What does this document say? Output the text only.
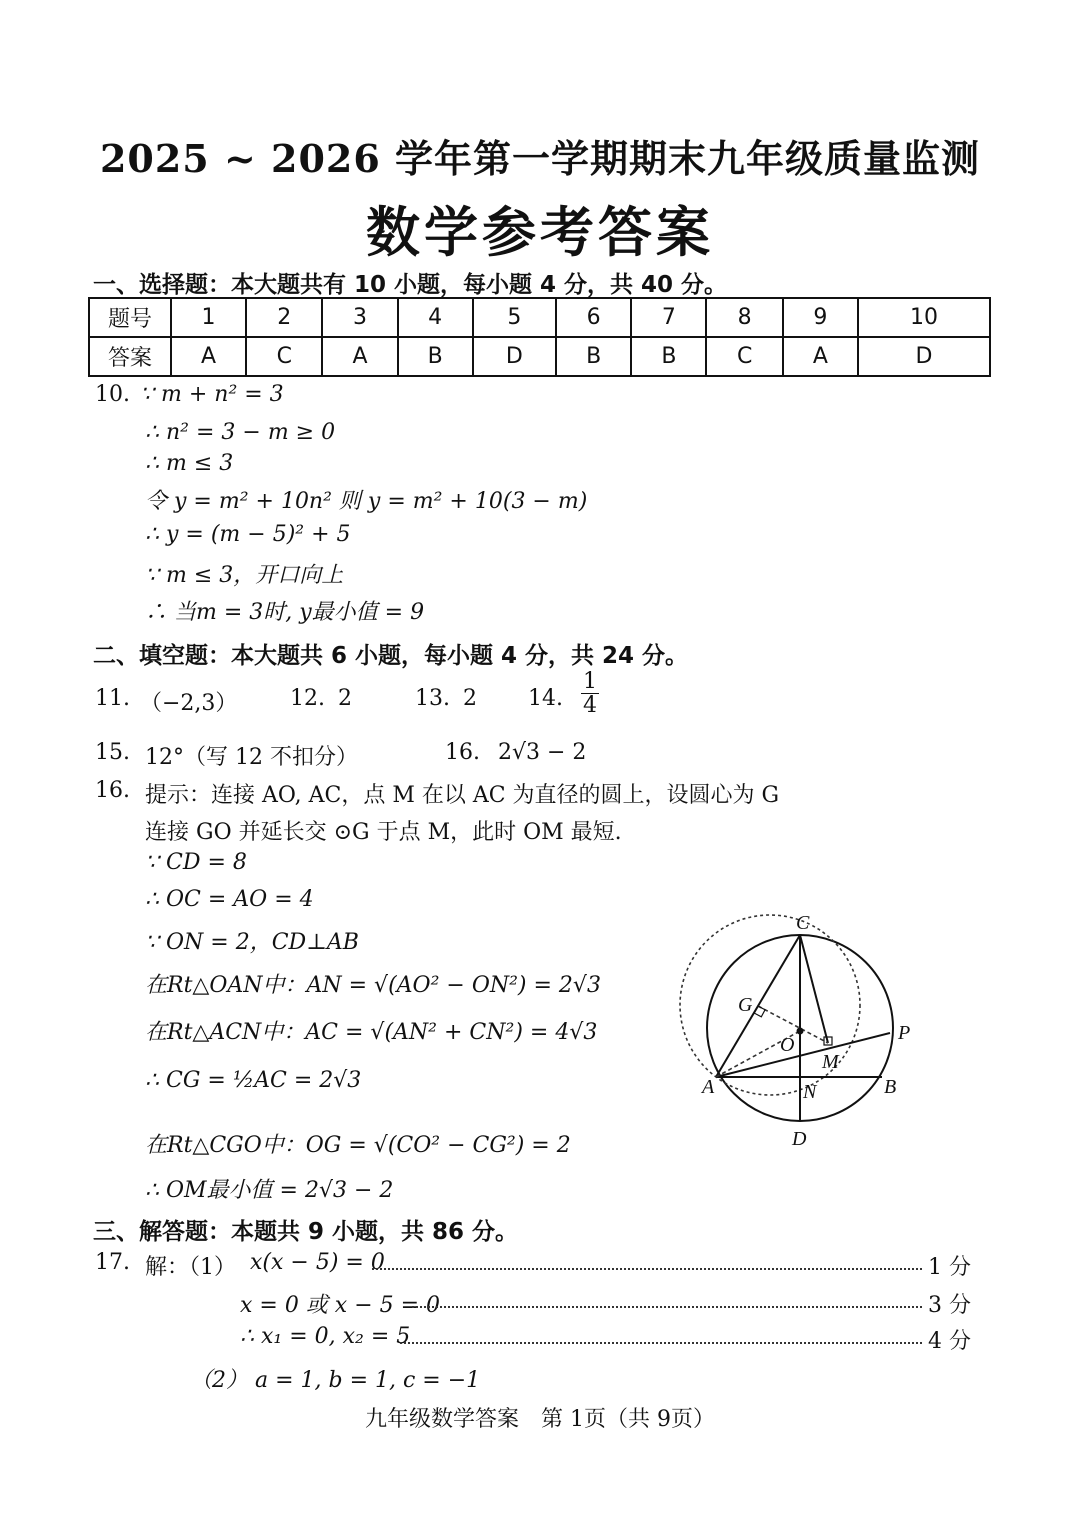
2025 ~ 2026 学年第一学期期末九年级质量监测
数学参考答案
一、选择题：本大题共有 10 小题，每小题 4 分，共 40 分。
题号	1	2	3	4	5	6	7	8	9	10
答案	A	C	A	B	D	B	B	C	A	D
10. ∵ m + n² = 3
∴ n² = 3 − m ≥ 0
∴ m ≤ 3
令 y = m² + 10n² 则 y = m² + 10(3 − m)
∴ y = (m − 5)² + 5
∵ m ≤ 3，开口向上
∴ 当m = 3时, y最小值 = 9
二、填空题：本大题共 6 小题，每小题 4 分，共 24 分。
11. （−2,3） 12. 2	13. 2 14. $\frac{1}{4}$
15. 12°（写 12 不扣分）	16. 2√3 − 2
16. 提示：连接 AO, AC，点 M 在以 AC 为直径的圆上，设圆心为 G
连接 GO 并延长交 ⊙G 于点 M，此时 OM 最短.
∵ CD = 8
∴ OC = AO = 4
∵ ON = 2，CD⊥AB
在Rt△OAN中：AN = √(AO² − ON²) = 2√3
在Rt△ACN中：AC = √(AN² + CN²) = 4√3
∴ CG = ½AC = 2√3
在Rt△CGO中：OG = √(CO² − CG²) = 2
∴ OM最小值 = 2√3 − 2
C
G
O
P
M
A	N	B
D
三、解答题：本题共 9 小题，共 86 分。
17. 解：（1） x(x − 5) = 0	1 分
x = 0 或 x − 5 = 0	3 分
∴ x₁ = 0, x₂ = 5	4 分
（2） a = 1, b = 1, c = −1
九年级数学答案　第 1页（共 9页）
